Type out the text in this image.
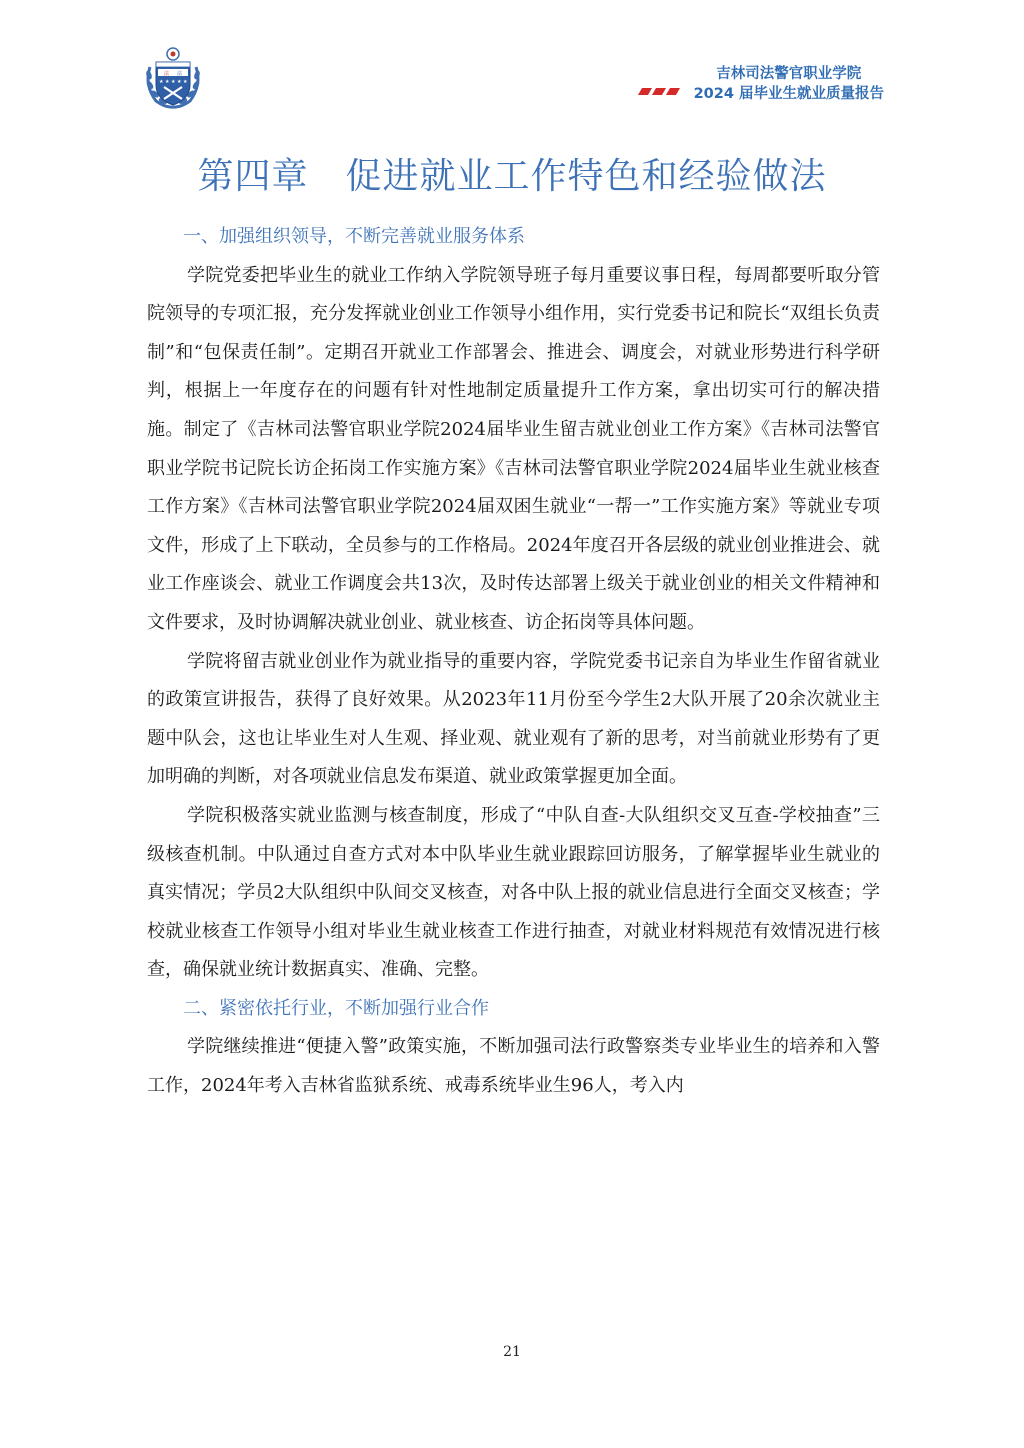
法 法
★ ★ ★ ★ ★	吉林司法警官职业学院
2024 届毕业生就业质量报告
第四章　促进就业工作特色和经验做法

一、加强组织领导，不断完善就业服务体系

学院党委把毕业生的就业工作纳入学院领导班子每月重要议事日程，每周都要听取分管院领导的专项汇报，充分发挥就业创业工作领导小组作用，实行党委书记和院长“双组长负责制”和“包保责任制”。定期召开就业工作部署会、推进会、调度会，对就业形势进行科学研判，根据上一年度存在的问题有针对性地制定质量提升工作方案，拿出切实可行的解决措施。制定了《吉林司法警官职业学院2024届毕业生留吉就业创业工作方案》《吉林司法警官职业学院书记院长访企拓岗工作实施方案》《吉林司法警官职业学院2024届毕业生就业核查工作方案》《吉林司法警官职业学院2024届双困生就业“一帮一”工作实施方案》等就业专项文件，形成了上下联动，全员参与的工作格局。2024年度召开各层级的就业创业推进会、就业工作座谈会、就业工作调度会共13次，及时传达部署上级关于就业创业的相关文件精神和文件要求，及时协调解决就业创业、就业核查、访企拓岗等具体问题。

学院将留吉就业创业作为就业指导的重要内容，学院党委书记亲自为毕业生作留省就业的政策宣讲报告，获得了良好效果。从2023年11月份至今学生2大队开展了20余次就业主题中队会，这也让毕业生对人生观、择业观、就业观有了新的思考，对当前就业形势有了更加明确的判断，对各项就业信息发布渠道、就业政策掌握更加全面。

学院积极落实就业监测与核查制度，形成了“中队自查-大队组织交叉互查-学校抽查”三级核查机制。中队通过自查方式对本中队毕业生就业跟踪回访服务，了解掌握毕业生就业的真实情况；学员2大队组织中队间交叉核查，对各中队上报的就业信息进行全面交叉核查；学校就业核查工作领导小组对毕业生就业核查工作进行抽查，对就业材料规范有效情况进行核查，确保就业统计数据真实、准确、完整。

二、紧密依托行业，不断加强行业合作

学院继续推进“便捷入警”政策实施，不断加强司法行政警察类专业毕业生的培养和入警工作，2024年考入吉林省监狱系统、戒毒系统毕业生96人，考入内

21
